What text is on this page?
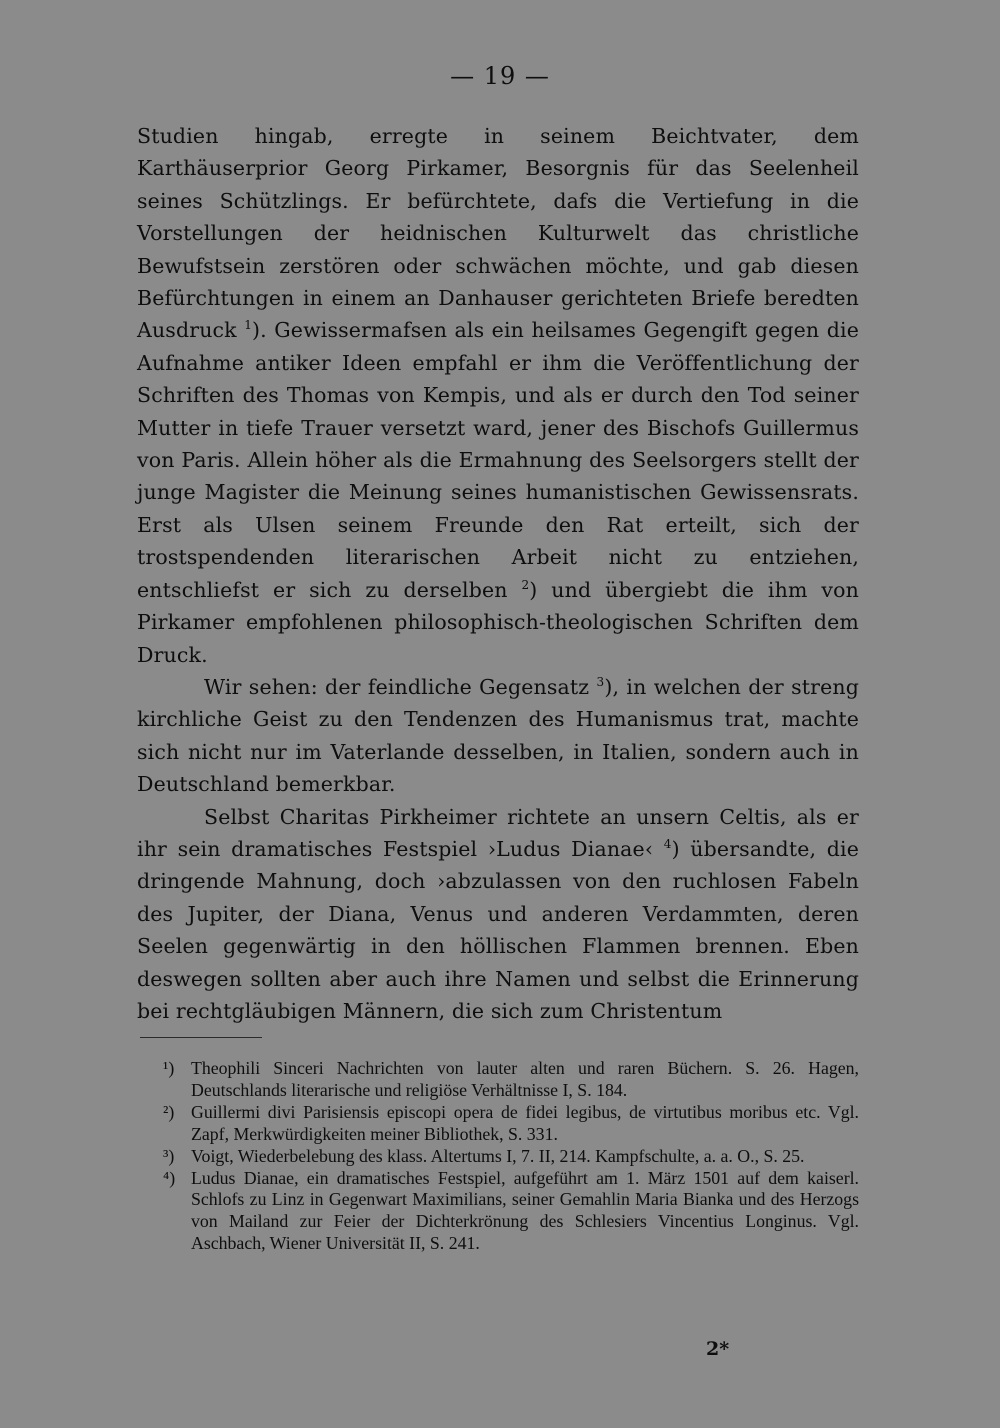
— 19 —

Studien hingab, erregte in seinem Beichtvater, dem Karthäuserprior Georg Pirkamer, Besorgnis für das Seelenheil seines Schützlings. Er befürchtete, dafs die Vertiefung in die Vorstellungen der heidnischen Kulturwelt das christliche Bewufstsein zerstören oder schwächen möchte, und gab diesen Befürchtungen in einem an Danhauser gerichteten Briefe beredten Ausdruck $^1$). Gewissermafsen als ein heilsames Gegengift gegen die Aufnahme antiker Ideen empfahl er ihm die Veröffentlichung der Schriften des Thomas von Kempis, und als er durch den Tod seiner Mutter in tiefe Trauer versetzt ward, jener des Bischofs Guillermus von Paris. Allein höher als die Ermahnung des Seelsorgers stellt der junge Magister die Meinung seines humanistischen Gewissensrats. Erst als Ulsen seinem Freunde den Rat erteilt, sich der trostspendenden literarischen Arbeit nicht zu entziehen, entschliefst er sich zu derselben $^2$) und übergiebt die ihm von Pirkamer empfohlenen philosophisch-theologischen Schriften dem Druck.

Wir sehen: der feindliche Gegensatz $^3$), in welchen der streng kirchliche Geist zu den Tendenzen des Humanismus trat, machte sich nicht nur im Vaterlande desselben, in Italien, sondern auch in Deutschland bemerkbar.

Selbst Charitas Pirkheimer richtete an unsern Celtis, als er ihr sein dramatisches Festspiel ›Ludus Dianae‹ $^4$) übersandte, die dringende Mahnung, doch ›abzulassen von den ruchlosen Fabeln des Jupiter, der Diana, Venus und anderen Verdammten, deren Seelen gegenwärtig in den höllischen Flammen brennen. Eben deswegen sollten aber auch ihre Namen und selbst die Erinnerung bei rechtgläubigen Männern, die sich zum Christentum

¹) Theophili Sinceri Nachrichten von lauter alten und raren Büchern. S. 26. Hagen, Deutschlands literarische und religiöse Verhältnisse I, S. 184.
²) Guillermi divi Parisiensis episcopi opera de fidei legibus, de virtutibus moribus etc. Vgl. Zapf, Merkwürdigkeiten meiner Bibliothek, S. 331.
³) Voigt, Wiederbelebung des klass. Altertums I, 7. II, 214. Kampfschulte, a. a. O., S. 25.
⁴) Ludus Dianae, ein dramatisches Festspiel, aufgeführt am 1. März 1501 auf dem kaiserl. Schlofs zu Linz in Gegenwart Maximilians, seiner Gemahlin Maria Bianka und des Herzogs von Mailand zur Feier der Dichterkrönung des Schlesiers Vincentius Longinus. Vgl. Aschbach, Wiener Universität II, S. 241.
2*
